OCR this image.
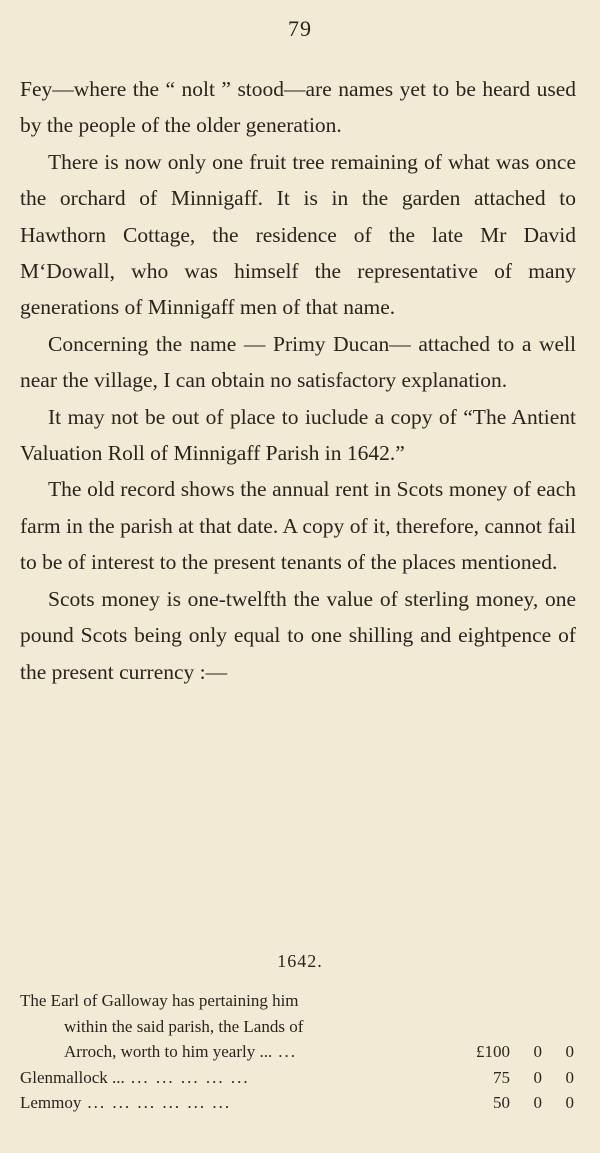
79

Fey—where the “ nolt ” stood—are names yet to be heard used by the people of the older generation.

There is now only one fruit tree remaining of what was once the orchard of Minnigaff. It is in the garden attached to Hawthorn Cottage, the residence of the late Mr David M‘Dowall, who was himself the representative of many generations of Minnigaff men of that name.

Concerning the name — Primy Ducan— attached to a well near the village, I can obtain no satisfactory explanation.

It may not be out of place to iuclude a copy of “The Antient Valuation Roll of Minnigaff Parish in 1642.”

The old record shows the annual rent in Scots money of each farm in the parish at that date. A copy of it, therefore, cannot fail to be of interest to the present tenants of the places mentioned.

Scots money is one-twelfth the value of sterling money, one pound Scots being only equal to one shilling and eightpence of the present currency :—

1642.
The Earl of Galloway has pertaining him
within the said parish, the Lands of
Arroch, worth to him yearly ... ...	£100 0 0
Glenmallock ... ... ... ... ... ...	75 0 0
Lemmoy ... ... ... ... ... ...	50 0 0
